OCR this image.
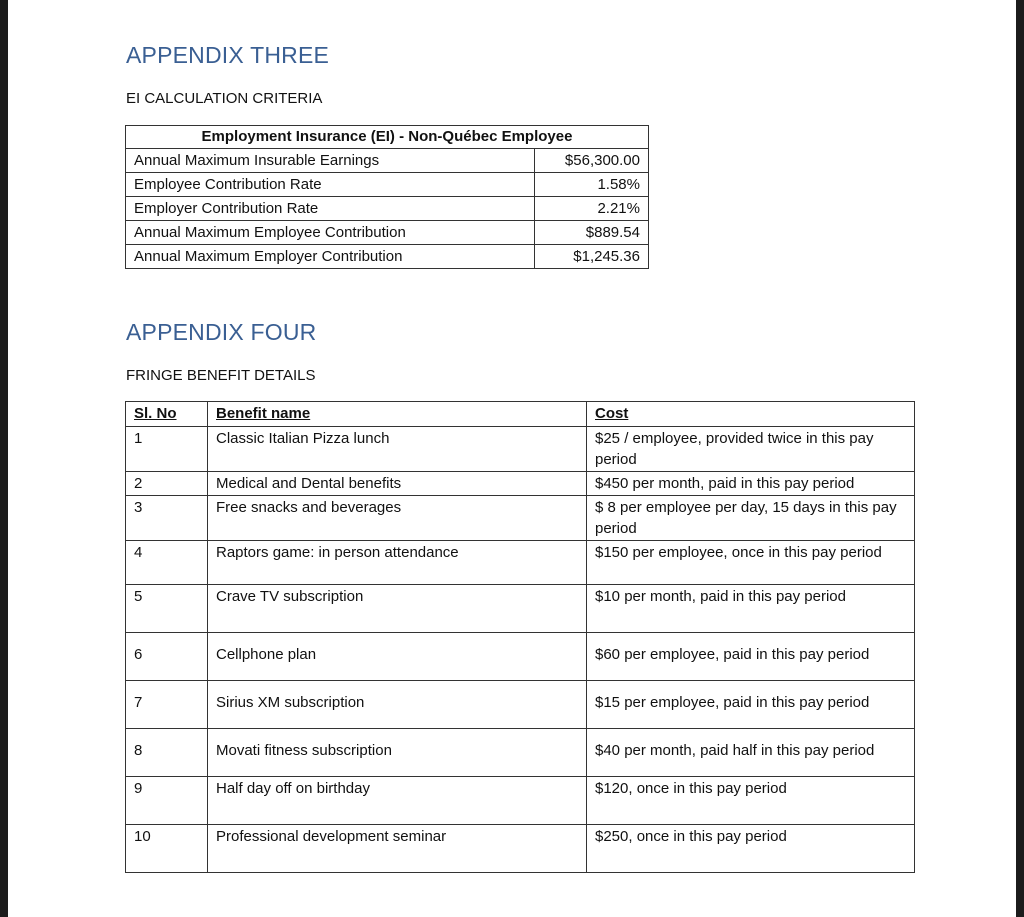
APPENDIX THREE

EI CALCULATION CRITERIA

Employment Insurance (EI) - Non-Québec Employee	
Annual Maximum Insurable Earnings	$56,300.00
Employee Contribution Rate	1.58%
Employer Contribution Rate	2.21%
Annual Maximum Employee Contribution	$889.54
Annual Maximum Employer Contribution	$1,245.36
APPENDIX FOUR

FRINGE BENEFIT DETAILS

Sl. No	Benefit name	Cost
1	Classic Italian Pizza lunch	$25 / employee, provided twice in this pay period
2	Medical and Dental benefits	$450 per month, paid in this pay period
3	Free snacks and beverages	$ 8 per employee per day, 15 days in this pay period
4	Raptors game: in person attendance	$150 per employee, once in this pay period
5	Crave TV subscription	$10 per month, paid in this pay period
6	Cellphone plan	$60 per employee, paid in this pay period
7	Sirius XM subscription	$15 per employee, paid in this pay period
8	Movati fitness subscription	$40 per month, paid half in this pay period
9	Half day off on birthday	$120, once in this pay period
10	Professional development seminar	$250, once in this pay period
